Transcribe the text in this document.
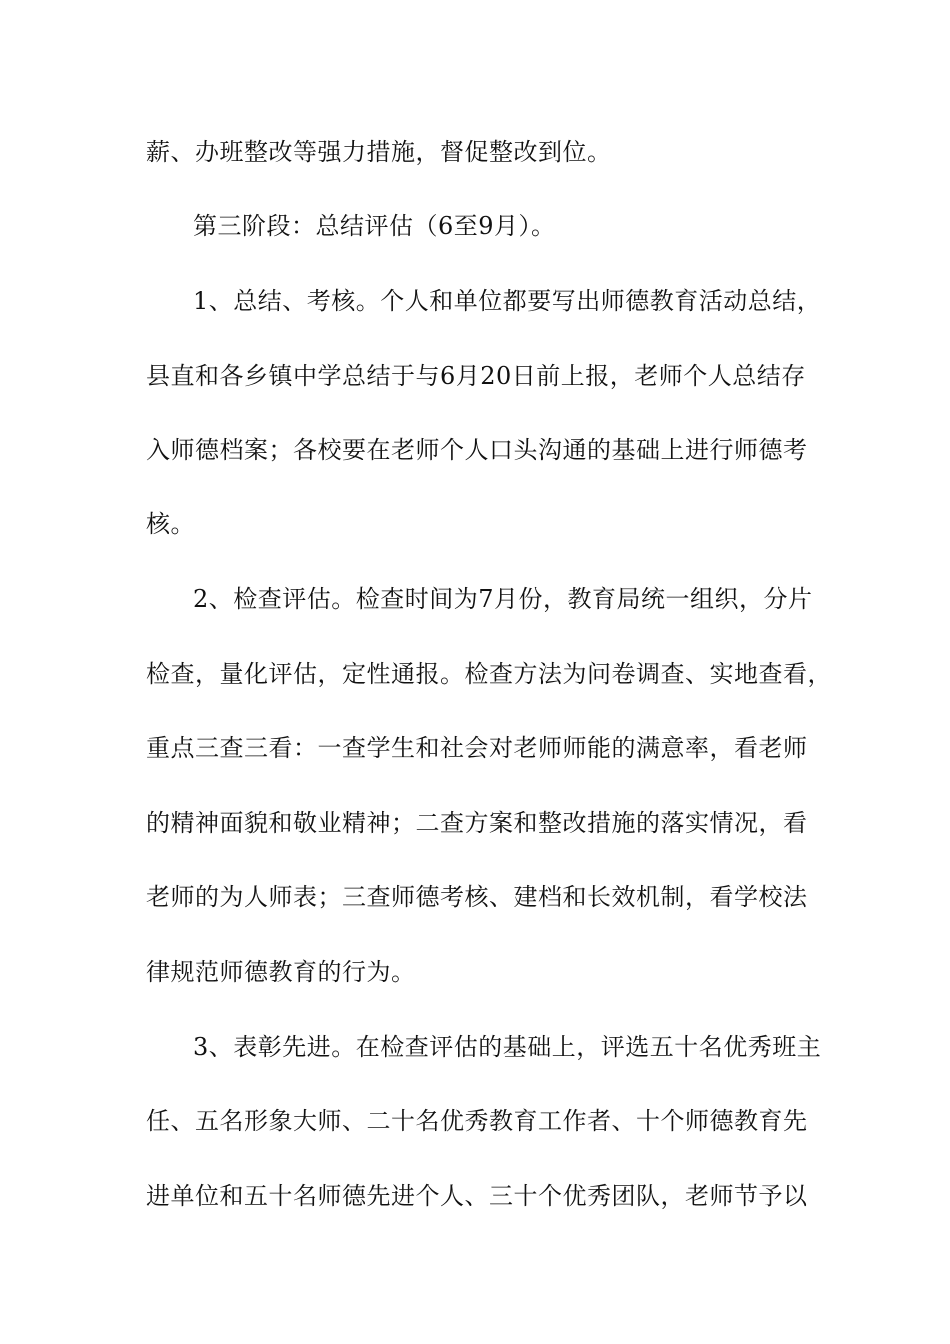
薪、办班整改等强力措施，督促整改到位。
第三阶段：总结评估（6至9月）。
1、总结、考核。个人和单位都要写出师德教育活动总结，
县直和各乡镇中学总结于与6月20日前上报，老师个人总结存
入师德档案；各校要在老师个人口头沟通的基础上进行师德考
核。
2、检查评估。检查时间为7月份，教育局统一组织，分片
检查，量化评估，定性通报。检查方法为问卷调查、实地查看，
重点三查三看：一查学生和社会对老师师能的满意率，看老师
的精神面貌和敬业精神；二查方案和整改措施的落实情况，看
老师的为人师表；三查师德考核、建档和长效机制，看学校法
律规范师德教育的行为。
3、表彰先进。在检查评估的基础上，评选五十名优秀班主
任、五名形象大师、二十名优秀教育工作者、十个师德教育先
进单位和五十名师德先进个人、三十个优秀团队，老师节予以
